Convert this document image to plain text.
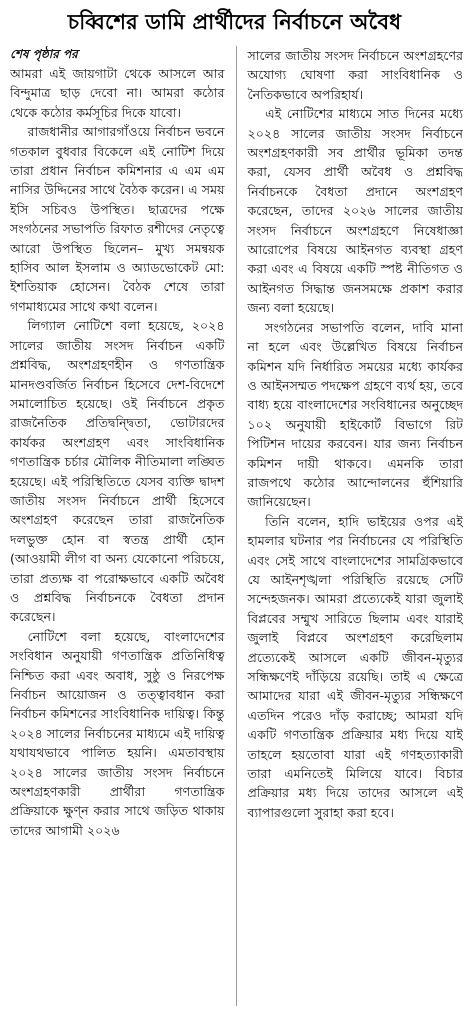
চব্বিশের ডামি প্রার্থীদের নির্বাচনে অবৈধ

শেষ পৃষ্ঠার পর

আমরা এই জায়গাটা থেকে আসলে আর বিন্দুমাত্র ছাড় দেবো না। আমরা কঠোর থেকে কঠোর কর্মসূচির দিকে যাবো।

রাজধানীর আগারগাঁওয়ে নির্বাচন ভবনে গতকাল বুধবার বিকেলে এই নোটিশ দিয়ে তারা প্রধান নির্বাচন কমিশনার এ এম এম নাসির উদ্দিনের সাথে বৈঠক করেন। এ সময় ইসি সচিবও উপস্থিত। ছাত্রদের পক্ষে সংগঠনের সভাপতি রিফাত রশীদের নেতৃত্বে আরো উপস্থিত ছিলেন– মুখ্য সমন্বয়ক হাসিব আল ইসলাম ও অ্যাডভোকেট মো: ইশতিয়াক হোসেন। বৈঠক শেষে তারা গণমাধ্যমের সাথে কথা বলেন।

লিগ্যাল নোটিশে বলা হয়েছে, ২০২৪ সালের জাতীয় সংসদ নির্বাচন একটি প্রশ্নবিদ্ধ, অংশগ্রহণহীন ও গণতান্ত্রিক মানদণ্ডবর্জিত নির্বাচন হিসেবে দেশ-বিদেশে সমালোচিত হয়েছে। ওই নির্বাচনে প্রকৃত রাজনৈতিক প্রতিদ্বন্দ্বিতা, ভোটারদের কার্যকর অংশগ্রহণ এবং সাংবিধানিক গণতান্ত্রিক চর্চার মৌলিক নীতিমালা লঙ্ঘিত হয়েছে। এই পরিস্থিতিতে যেসব ব্যক্তি দ্বাদশ জাতীয় সংসদ নির্বাচনে প্রার্থী হিসেবে অংশগ্রহণ করেছেন তারা রাজনৈতিক দলভুক্ত হোন বা স্বতন্ত্র প্রার্থী হোন (আওয়ামী লীগ বা অন্য যেকোনো পরিচয়ে, তারা প্রত্যক্ষ বা পরোক্ষভাবে একটি অবৈধ ও প্রশ্নবিদ্ধ নির্বাচনকে বৈধতা প্রদান করেছেন।

নোটিশে বলা হয়েছে, বাংলাদেশের সংবিধান অনুযায়ী গণতান্ত্রিক প্রতিনিধিত্ব নিশ্চিত করা এবং অবাধ, সুষ্ঠু ও নিরপেক্ষ নির্বাচন আয়োজন ও তত্ত্বাবধান করা নির্বাচন কমিশনের সাংবিধানিক দায়িত্ব। কিন্তু ২০২৪ সালের নির্বাচনের মাধ্যমে এই দায়িত্ব যথাযথভাবে পালিত হয়নি। এমতাবস্থায় ২০২৪ সালের জাতীয় সংসদ নির্বাচনে অংশগ্রহণকারী প্রার্থীরা গণতান্ত্রিক প্রক্রিয়াকে ক্ষুণ্ন করার সাথে জড়িত থাকায় তাদের আগামী ২০২৬

সালের জাতীয় সংসদ নির্বাচনে অংশগ্রহণের অযোগ্য ঘোষণা করা সাংবিধানিক ও নৈতিকভাবে অপরিহার্য।

এই নোটিশের মাধ্যমে সাত দিনের মধ্যে ২০২৪ সালের জাতীয় সংসদ নির্বাচনে অংশগ্রহণকারী সব প্রার্থীর ভূমিকা তদন্ত করা, যেসব প্রার্থী অবৈধ ও প্রশ্নবিদ্ধ নির্বাচনকে বৈধতা প্রদানে অংশগ্রহণ করেছেন, তাদের ২০২৬ সালের জাতীয় সংসদ নির্বাচনে অংশগ্রহণে নিষেধাজ্ঞা আরোপের বিষয়ে আইনগত ব্যবস্থা গ্রহণ করা এবং এ বিষয়ে একটি স্পষ্ট নীতিগত ও আইনগত সিদ্ধান্ত জনসমক্ষে প্রকাশ করার জন্য বলা হয়েছে।

সংগঠনের সভাপতি বলেন, দাবি মানা না হলে এবং উল্লেখিত বিষয়ে নির্বাচন কমিশন যদি নির্ধারিত সময়ের মধ্যে কার্যকর ও আইনসম্মত পদক্ষেপ গ্রহণে ব্যর্থ হয়, তবে বাধ্য হয়ে বাংলাদেশের সংবিধানের অনুচ্ছেদ ১০২ অনুযায়ী হাইকোর্ট বিভাগে রিট পিটিশন দায়ের করবেন। যার জন্য নির্বাচন কমিশন দায়ী থাকবে। এমনকি তারা রাজপথে কঠোর আন্দোলনের হুঁশিয়ারি জানিয়েছেন।

তিনি বলেন, হাদি ভাইয়ের ওপর এই হামলার ঘটনার পর নির্বাচনের যে পরিস্থিতি এবং সেই সাথে বাংলাদেশের সামগ্রিকভাবে যে আইনশৃঙ্খলা পরিস্থিতি রয়েছে সেটি সন্দেহজনক। আমরা প্রত্যেকেই যারা জুলাই বিপ্লবের সম্মুখ সারিতে ছিলাম এবং যারাই জুলাই বিপ্লবে অংশগ্রহণ করেছিলাম প্রত্যেকেই আসলে একটি জীবন-মৃত্যুর সন্ধিক্ষণেই দাঁড়িয়ে রয়েছি। তাই এ ক্ষেত্রে আমাদের যারা এই জীবন-মৃত্যুর সন্ধিক্ষণে এতদিন পরেও দাঁড় করাচ্ছে; আমরা যদি একটি গণতান্ত্রিক প্রক্রিয়ার মধ্য দিয়ে যাই তাহলে হয়তোবা যারা এই গণহত্যাকারী তারা এমনিতেই মিলিয়ে যাবে। বিচার প্রক্রিয়ার মধ্য দিয়ে তাদের আসলে এই ব্যাপারগুলো সুরাহা করা হবে।
